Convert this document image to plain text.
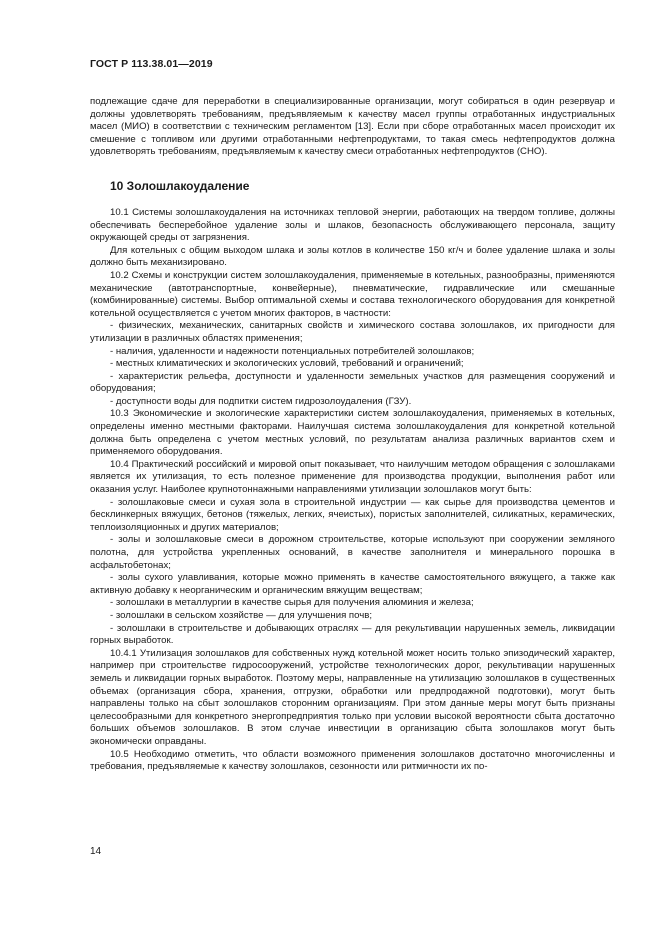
ГОСТ Р 113.38.01—2019

подлежащие сдаче для переработки в специализированные организации, могут собираться в один резервуар и должны удовлетворять требованиям, предъявляемым к качеству масел группы отработанных индустриальных масел (МИО) в соответствии с техническим регламентом [13]. Если при сборе отработанных масел происходит их смешение с топливом или другими отработанными нефтепродуктами, то такая смесь нефтепродуктов должна удовлетворять требованиям, предъявляемым к качеству смеси отработанных нефтепродуктов (СНО).

10 Золошлакоудаление

10.1 Системы золошлакоудаления на источниках тепловой энергии, работающих на твердом топливе, должны обеспечивать бесперебойное удаление золы и шлаков, безопасность обслуживающего персонала, защиту окружающей среды от загрязнения.

Для котельных с общим выходом шлака и золы котлов в количестве 150 кг/ч и более удаление шлака и золы должно быть механизировано.

10.2 Схемы и конструкции систем золошлакоудаления, применяемые в котельных, разнообразны, применяются механические (автотранспортные, конвейерные), пневматические, гидравлические или смешанные (комбинированные) системы. Выбор оптимальной схемы и состава технологического оборудования для конкретной котельной осуществляется с учетом многих факторов, в частности:

- физических, механических, санитарных свойств и химического состава золошлаков, их пригодности для утилизации в различных областях применения;

- наличия, удаленности и надежности потенциальных потребителей золошлаков;

- местных климатических и экологических условий, требований и ограничений;

- характеристик рельефа, доступности и удаленности земельных участков для размещения сооружений и оборудования;

- доступности воды для подпитки систем гидрозолоудаления (ГЗУ).

10.3 Экономические и экологические характеристики систем золошлакоудаления, применяемых в котельных, определены именно местными факторами. Наилучшая система золошлакоудаления для конкретной котельной должна быть определена с учетом местных условий, по результатам анализа различных вариантов схем и применяемого оборудования.

10.4 Практический российский и мировой опыт показывает, что наилучшим методом обращения с золошлаками является их утилизация, то есть полезное применение для производства продукции, выполнения работ или оказания услуг. Наиболее крупнотоннажными направлениями утилизации золошлаков могут быть:

- золошлаковые смеси и сухая зола в строительной индустрии — как сырье для производства цементов и бесклинкерных вяжущих, бетонов (тяжелых, легких, ячеистых), пористых заполнителей, силикатных, керамических, теплоизоляционных и других материалов;

- золы и золошлаковые смеси в дорожном строительстве, которые используют при сооружении земляного полотна, для устройства укрепленных оснований, в качестве заполнителя и минерального порошка в асфальтобетонах;

- золы сухого улавливания, которые можно применять в качестве самостоятельного вяжущего, а также как активную добавку к неорганическим и органическим вяжущим веществам;

- золошлаки в металлургии в качестве сырья для получения алюминия и железа;

- золошлаки в сельском хозяйстве — для улучшения почв;

- золошлаки в строительстве и добывающих отраслях — для рекультивации нарушенных земель, ликвидации горных выработок.

10.4.1 Утилизация золошлаков для собственных нужд котельной может носить только эпизодический характер, например при строительстве гидросооружений, устройстве технологических дорог, рекультивации нарушенных земель и ликвидации горных выработок. Поэтому меры, направленные на утилизацию золошлаков в существенных объемах (организация сбора, хранения, отгрузки, обработки или предпродажной подготовки), могут быть направлены только на сбыт золошлаков сторонним организациям. При этом данные меры могут быть признаны целесообразными для конкретного энергопредприятия только при условии высокой вероятности сбыта достаточно больших объемов золошлаков. В этом случае инвестиции в организацию сбыта золошлаков могут быть экономически оправданы.

10.5 Необходимо отметить, что области возможного применения золошлаков достаточно многочисленны и требования, предъявляемые к качеству золошлаков, сезонности или ритмичности их по-

14
